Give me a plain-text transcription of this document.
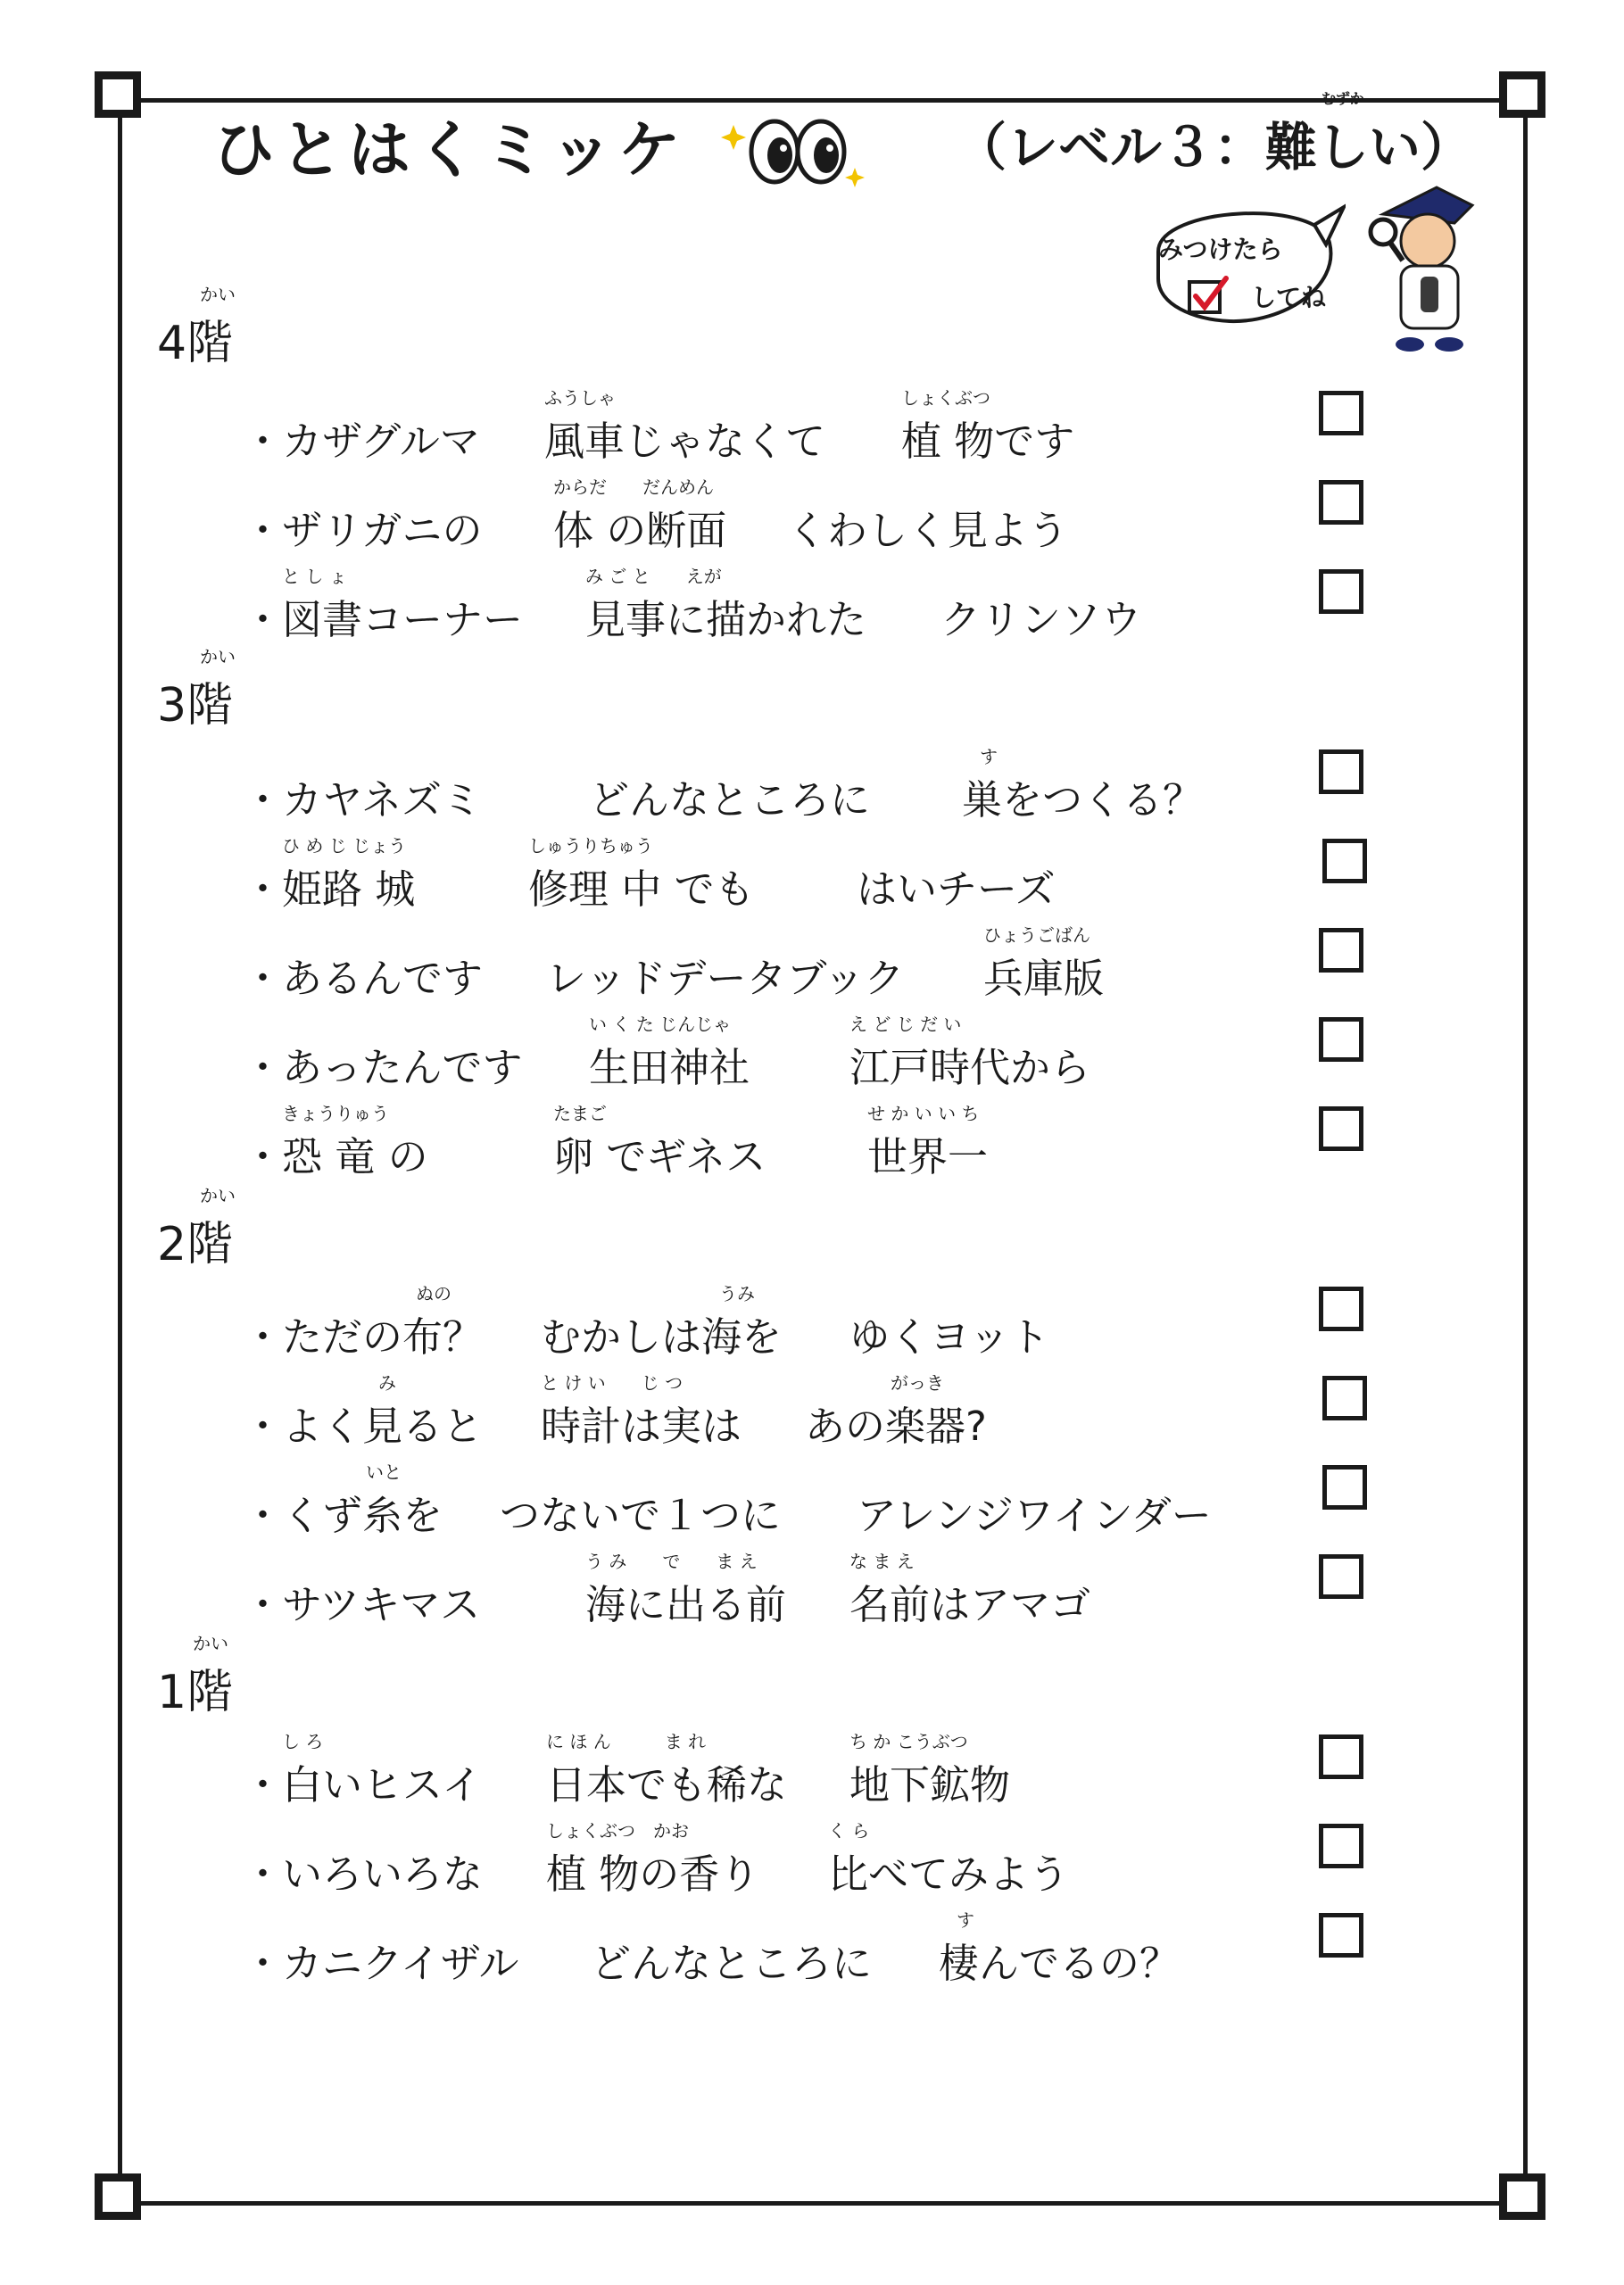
ひとはくミッケ	（レベル３：
むずか
難しい）
みつけたら
してね
かい
4階
・
カザグルマ
ふうしゃ
風車じゃなくて
しょくぶつ
植 物です
・
ザリガニの
からだ　　だんめん
体 の断面 くわしく見よう
・
と し ょ
図書コーナー
み ご と　　えが
見事に描かれた クリンソウ
かい
3階
・
カヤネズミ	どんなところに
す
巣をつくる？
・
ひ め じ じょう
姫路 城
しゅうりちゅう
修理 中 でも	はいチーズ
・
あるんです レッドデータブック
ひょうごばん
兵庫版
・
あったんです
い く た じんじゃ
生田神社
え ど じ だ い
江戸時代から
・
きょうりゅう
恐 竜 の
たまご
卵 でギネス
せ か い い ち
世界一
かい
2階
・
ぬの
ただの布？
うみ
むかしは海を ゆくヨット
・
み
よく見ると
と け い　　じ つ
時計は実は
がっき
あの楽器?
・
いと
くず糸を つないで１つに アレンジワインダー
・
サツキマス
う み　　で　　ま え
海に出る前
な ま え
名前はアマゴ
かい
1階
・
し ろ
白いヒスイ
に ほ ん　　　ま れ
日本でも稀な
ち か こうぶつ
地下鉱物
・
いろいろな
しょくぶつ　かお
植 物の香り
く ら
比べてみよう
・
カニクイザル どんなところに
す
棲んでるの？
